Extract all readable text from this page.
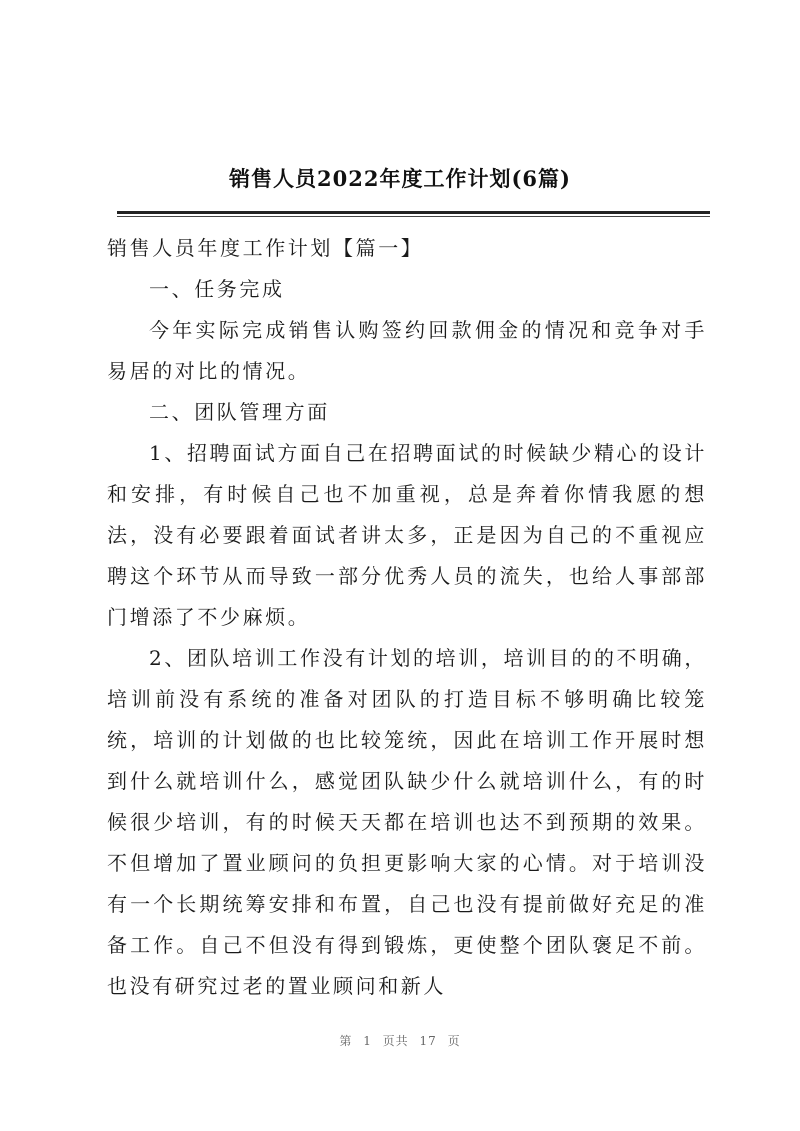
销售人员2022年度工作计划(6篇)

销售人员年度工作计划【篇一】

一、任务完成

今年实际完成销售认购签约回款佣金的情况和竞争对手易居的对比的情况。

二、团队管理方面

1、招聘面试方面自己在招聘面试的时候缺少精心的设计和安排，有时候自己也不加重视，总是奔着你情我愿的想法，没有必要跟着面试者讲太多，正是因为自己的不重视应聘这个环节从而导致一部分优秀人员的流失，也给人事部部门增添了不少麻烦。

2、团队培训工作没有计划的培训，培训目的的不明确，培训前没有系统的准备对团队的打造目标不够明确比较笼统，培训的计划做的也比较笼统，因此在培训工作开展时想到什么就培训什么，感觉团队缺少什么就培训什么，有的时候很少培训，有的时候天天都在培训也达不到预期的效果。不但增加了置业顾问的负担更影响大家的心情。对于培训没有一个长期统筹安排和布置，自己也没有提前做好充足的准备工作。自己不但没有得到锻炼，更使整个团队褒足不前。也没有研究过老的置业顾问和新人

第 1 页共 17 页
